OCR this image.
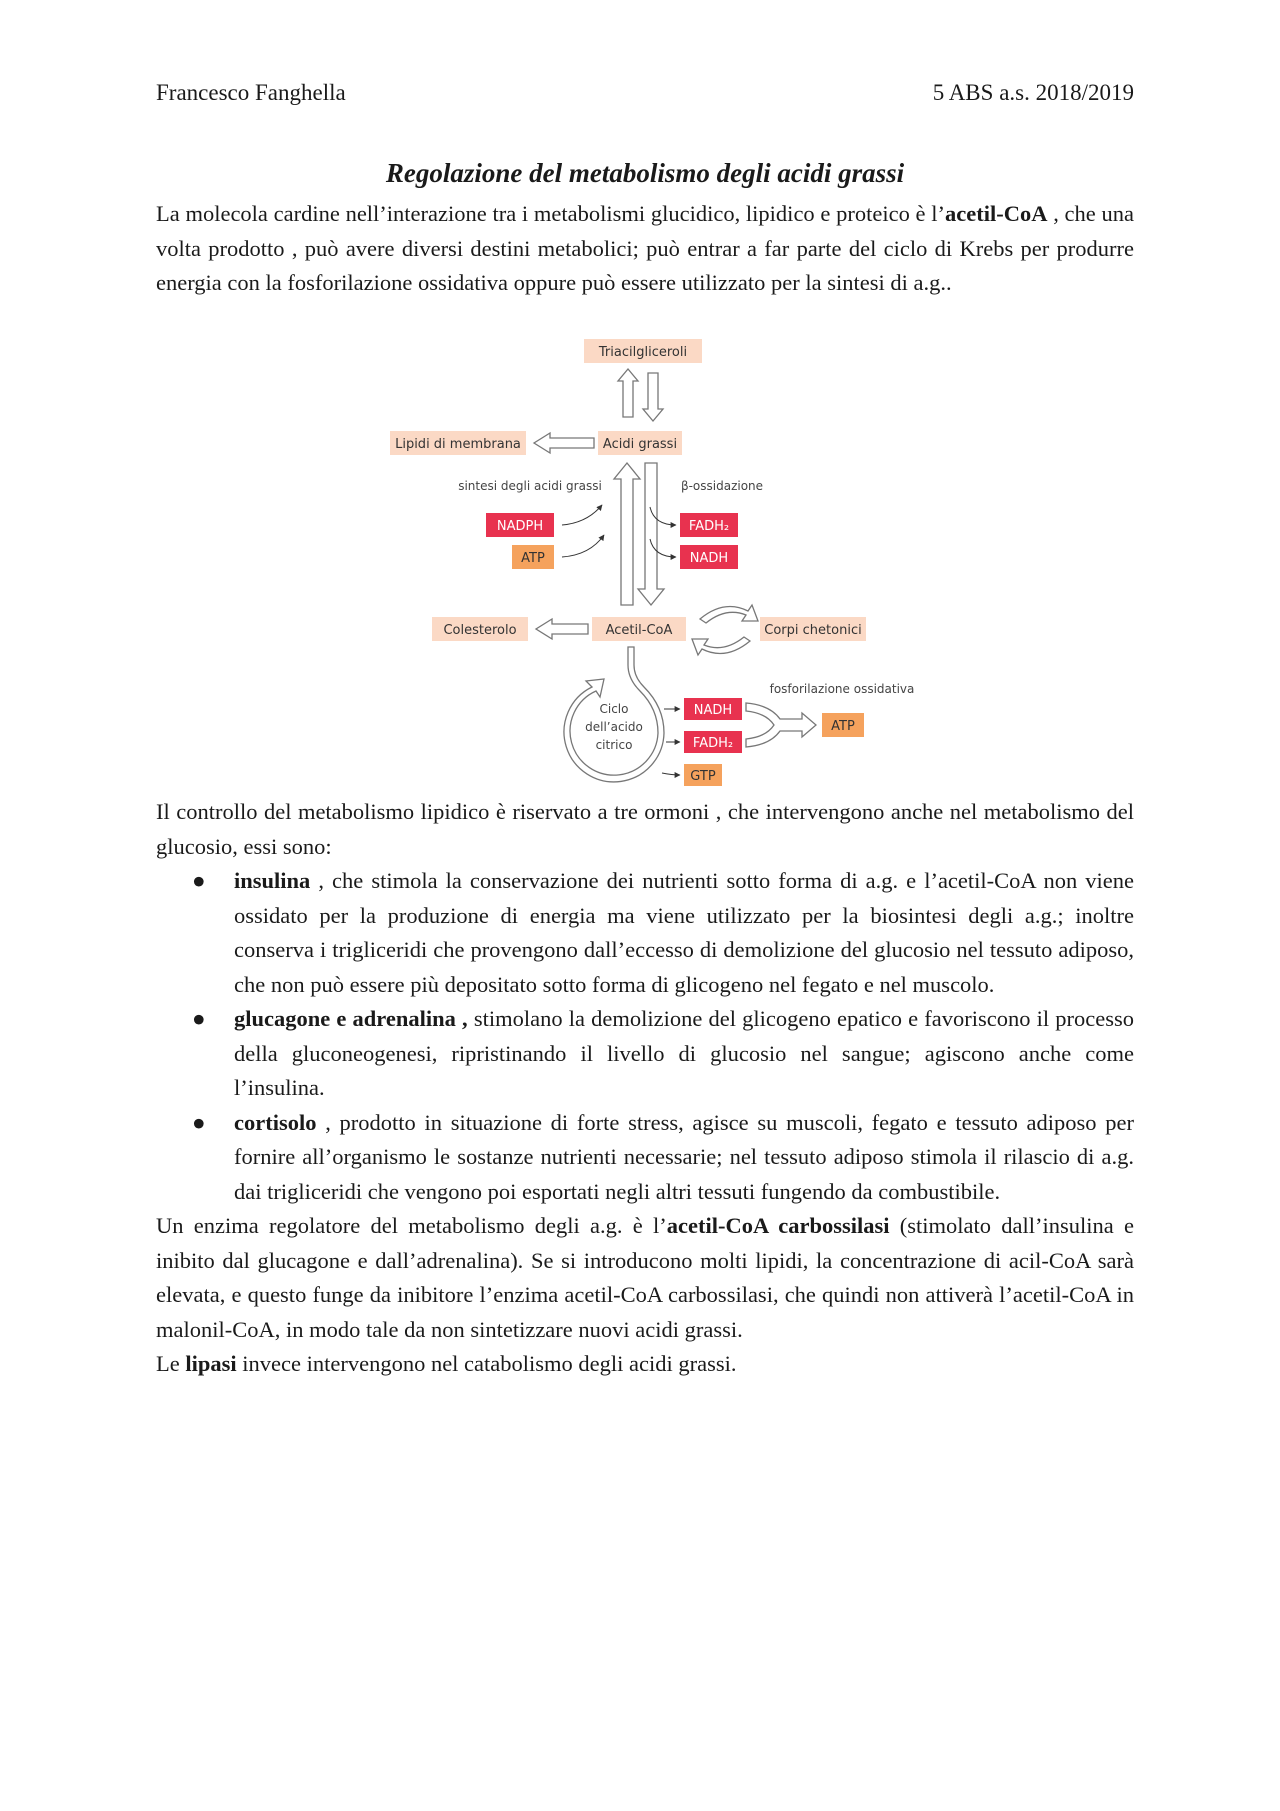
Francesco Fanghella	5 ABS a.s. 2018/2019
Regolazione del metabolismo degli acidi grassi

La molecola cardine nell’interazione tra i metabolismi glucidico, lipidico e proteico è l’acetil-CoA , che una volta prodotto , può avere diversi destini metabolici; può entrar a far parte del ciclo di Krebs per produrre energia con la fosforilazione ossidativa oppure può essere utilizzato per la sintesi di a.g..

Triacilgliceroli
Acidi grassi
Lipidi di membrana
sintesi degli acidi grassi	β-ossidazione
NADPH
ATP
FADH₂
NADH
Acetil-CoA
Colesterolo	Corpi chetonici
Ciclo
dell’acido
citrico
NADH
FADH₂
GTP
fosforilazione ossidativa
ATP

Il controllo del metabolismo lipidico è riservato a tre ormoni , che intervengono anche nel metabolismo del glucosio, essi sono:

● insulina , che stimola la conservazione dei nutrienti sotto forma di a.g. e l’acetil-CoA non viene ossidato per la produzione di energia ma viene utilizzato per la biosintesi degli a.g.; inoltre conserva i trigliceridi che provengono dall’eccesso di demolizione del glucosio nel tessuto adiposo, che non può essere più depositato sotto forma di glicogeno nel fegato e nel muscolo.
● glucagone e adrenalina , stimolano la demolizione del glicogeno epatico e favoriscono il processo della gluconeogenesi, ripristinando il livello di glucosio nel sangue; agiscono anche come l’insulina.
● cortisolo , prodotto in situazione di forte stress, agisce su muscoli, fegato e tessuto adiposo per fornire all’organismo le sostanze nutrienti necessarie; nel tessuto adiposo stimola il rilascio di a.g. dai trigliceridi che vengono poi esportati negli altri tessuti fungendo da combustibile.

Un enzima regolatore del metabolismo degli a.g. è l’acetil-CoA carbossilasi (stimolato dall’insulina e inibito dal glucagone e dall’adrenalina). Se si introducono molti lipidi, la concentrazione di acil-CoA sarà elevata, e questo funge da inibitore l’enzima acetil-CoA carbossilasi, che quindi non attiverà l’acetil-CoA in malonil-CoA, in modo tale da non sintetizzare nuovi acidi grassi.

Le lipasi invece intervengono nel catabolismo degli acidi grassi.
